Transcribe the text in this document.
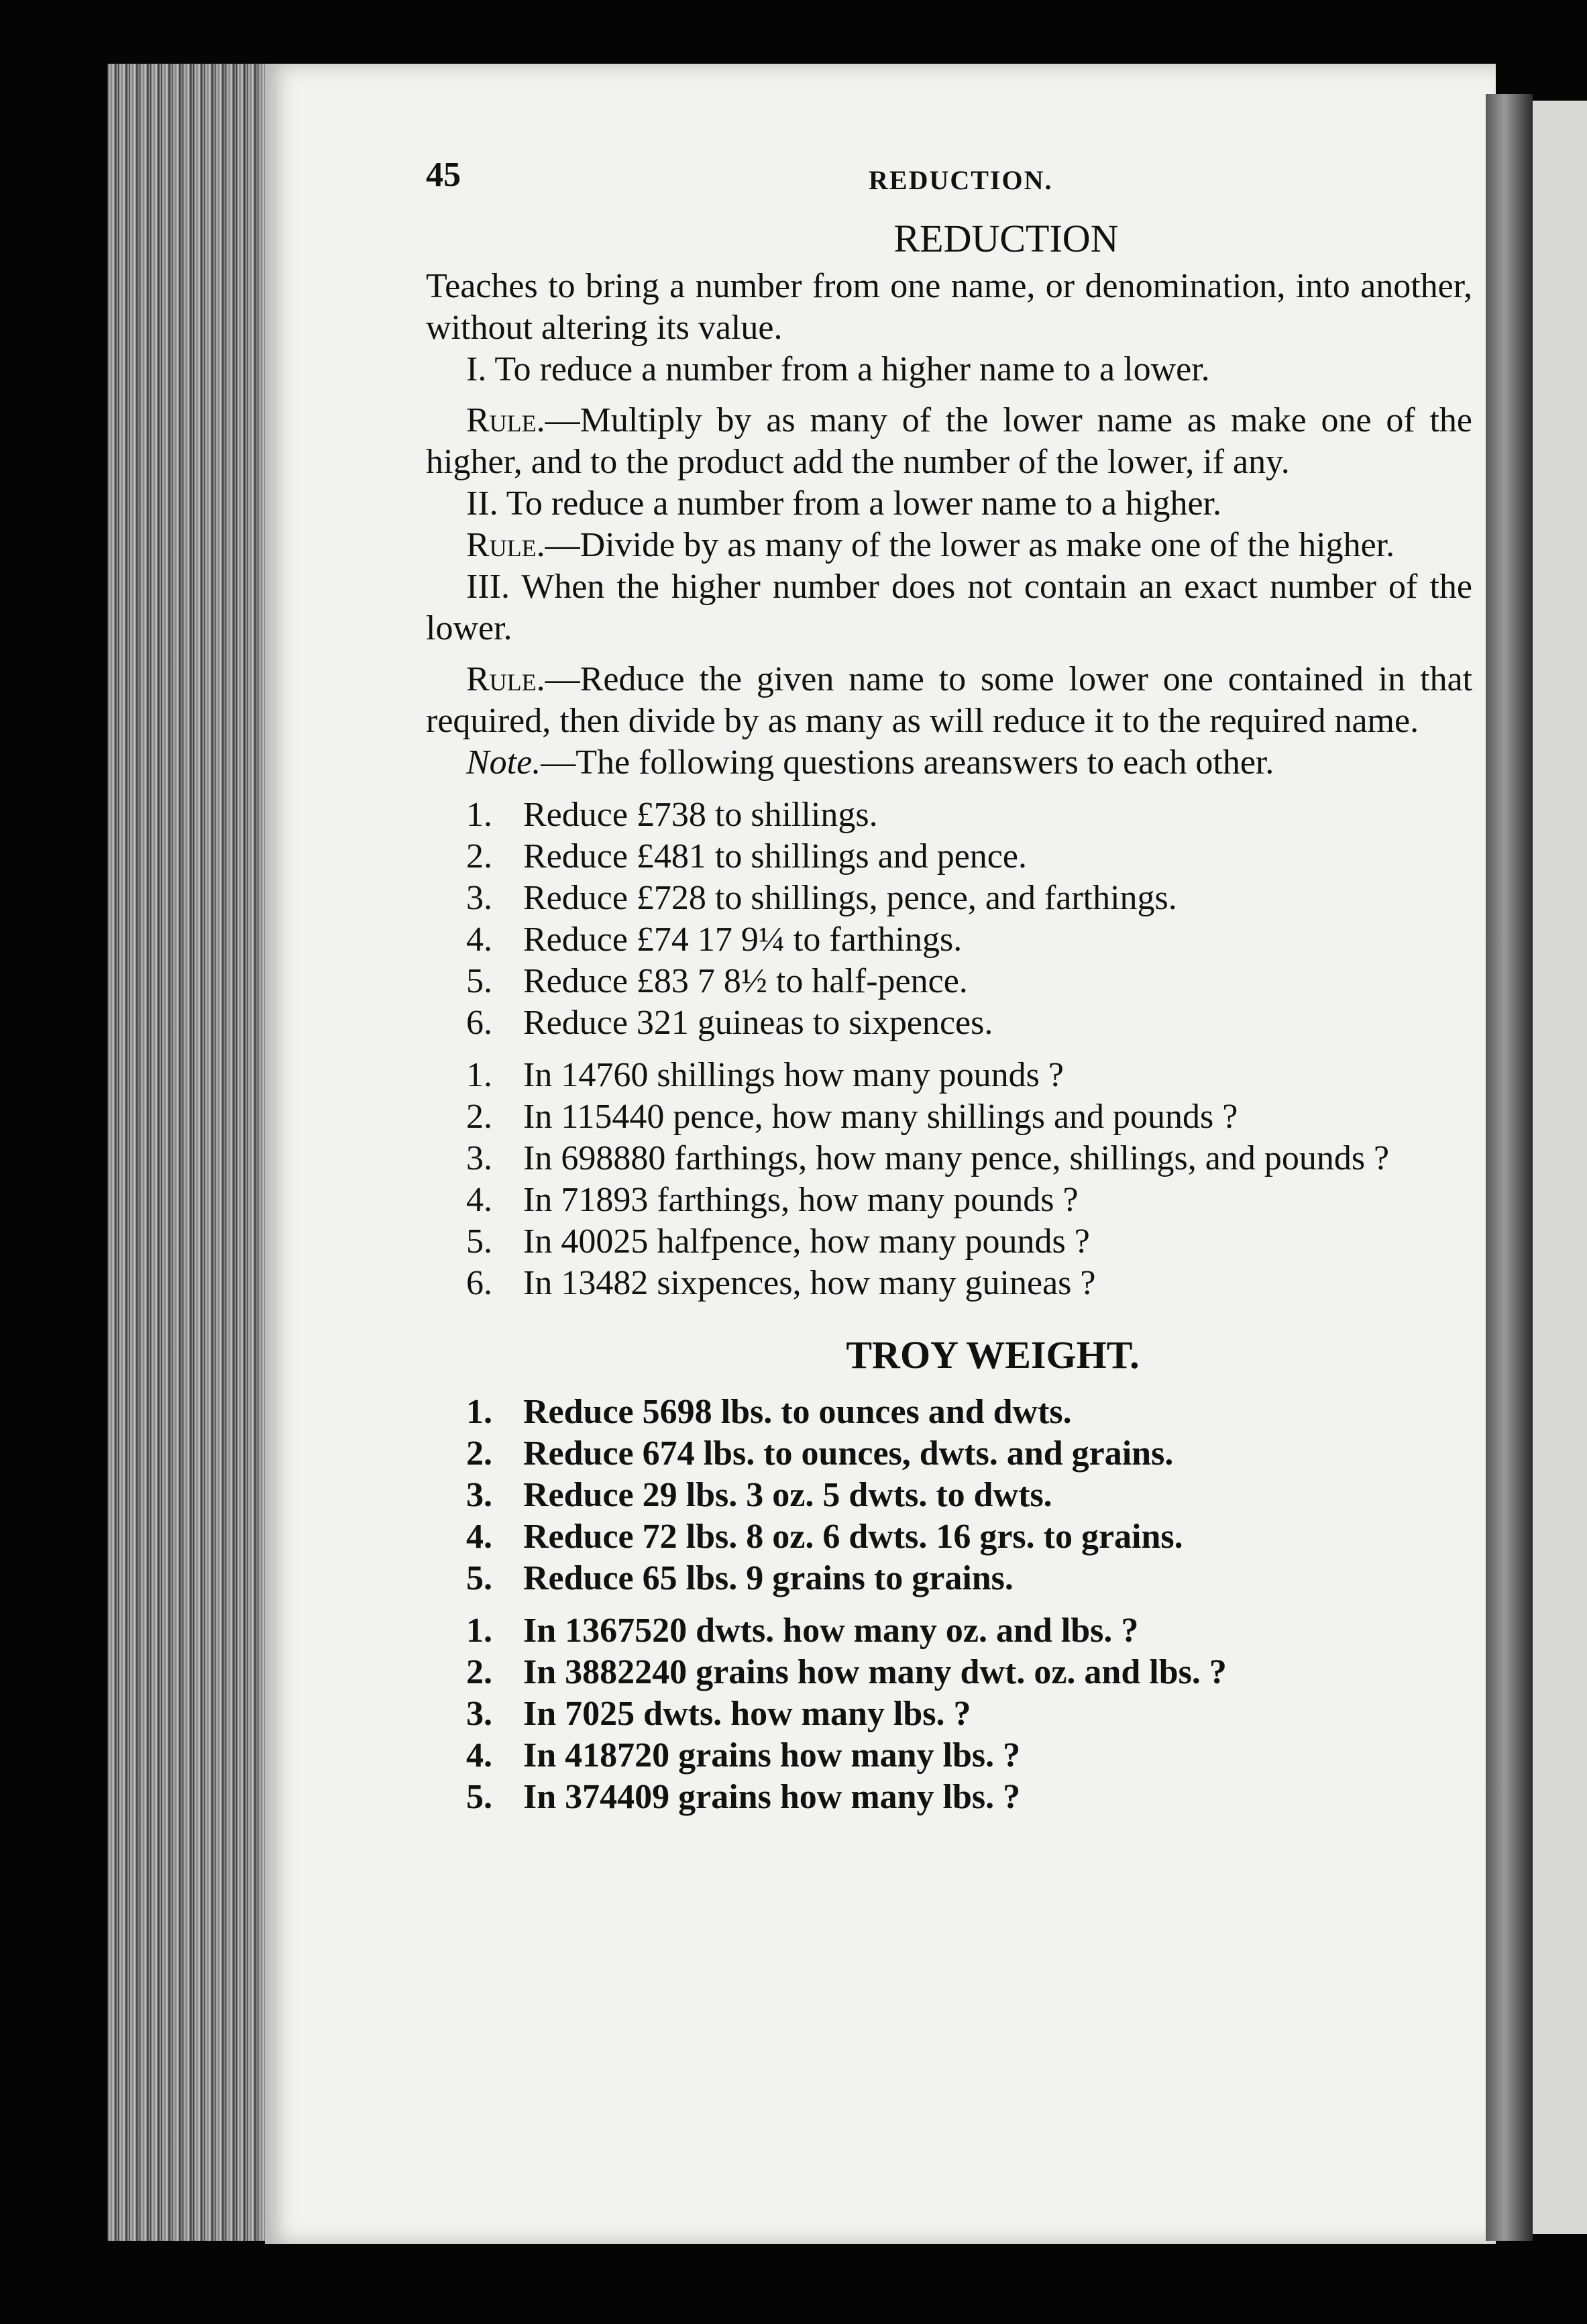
45	REDUCTION.
REDUCTION

Teaches to bring a number from one name, or denomination, into another, without altering its value.

I. To reduce a number from a higher name to a lower.

Rule.—Multiply by as many of the lower name as make one of the higher, and to the product add the number of the lower, if any.

II. To reduce a number from a lower name to a higher.

Rule.—Divide by as many of the lower as make one of the higher.

III. When the higher number does not contain an exact number of the lower.

Rule.—Reduce the given name to some lower one contained in that required, then divide by as many as will reduce it to the required name.

Note.—The following questions areanswers to each other.

1. Reduce £738 to shillings.
2. Reduce £481 to shillings and pence.
3. Reduce £728 to shillings, pence, and farthings.
4. Reduce £74 17 9¼ to farthings.
5. Reduce £83 7 8½ to half-pence.
6. Reduce 321 guineas to sixpences.
1. In 14760 shillings how many pounds ?
2. In 115440 pence, how many shillings and pounds ?
3. In 698880 farthings, how many pence, shillings, and pounds ?
4. In 71893 farthings, how many pounds ?
5. In 40025 halfpence, how many pounds ?
6. In 13482 sixpences, how many guineas ?
TROY WEIGHT.
1. Reduce 5698 lbs. to ounces and dwts.
2. Reduce 674 lbs. to ounces, dwts. and grains.
3. Reduce 29 lbs. 3 oz. 5 dwts. to dwts.
4. Reduce 72 lbs. 8 oz. 6 dwts. 16 grs. to grains.
5. Reduce 65 lbs. 9 grains to grains.
1. In 1367520 dwts. how many oz. and lbs. ?
2. In 3882240 grains how many dwt. oz. and lbs. ?
3. In 7025 dwts. how many lbs. ?
4. In 418720 grains how many lbs. ?
5. In 374409 grains how many lbs. ?
